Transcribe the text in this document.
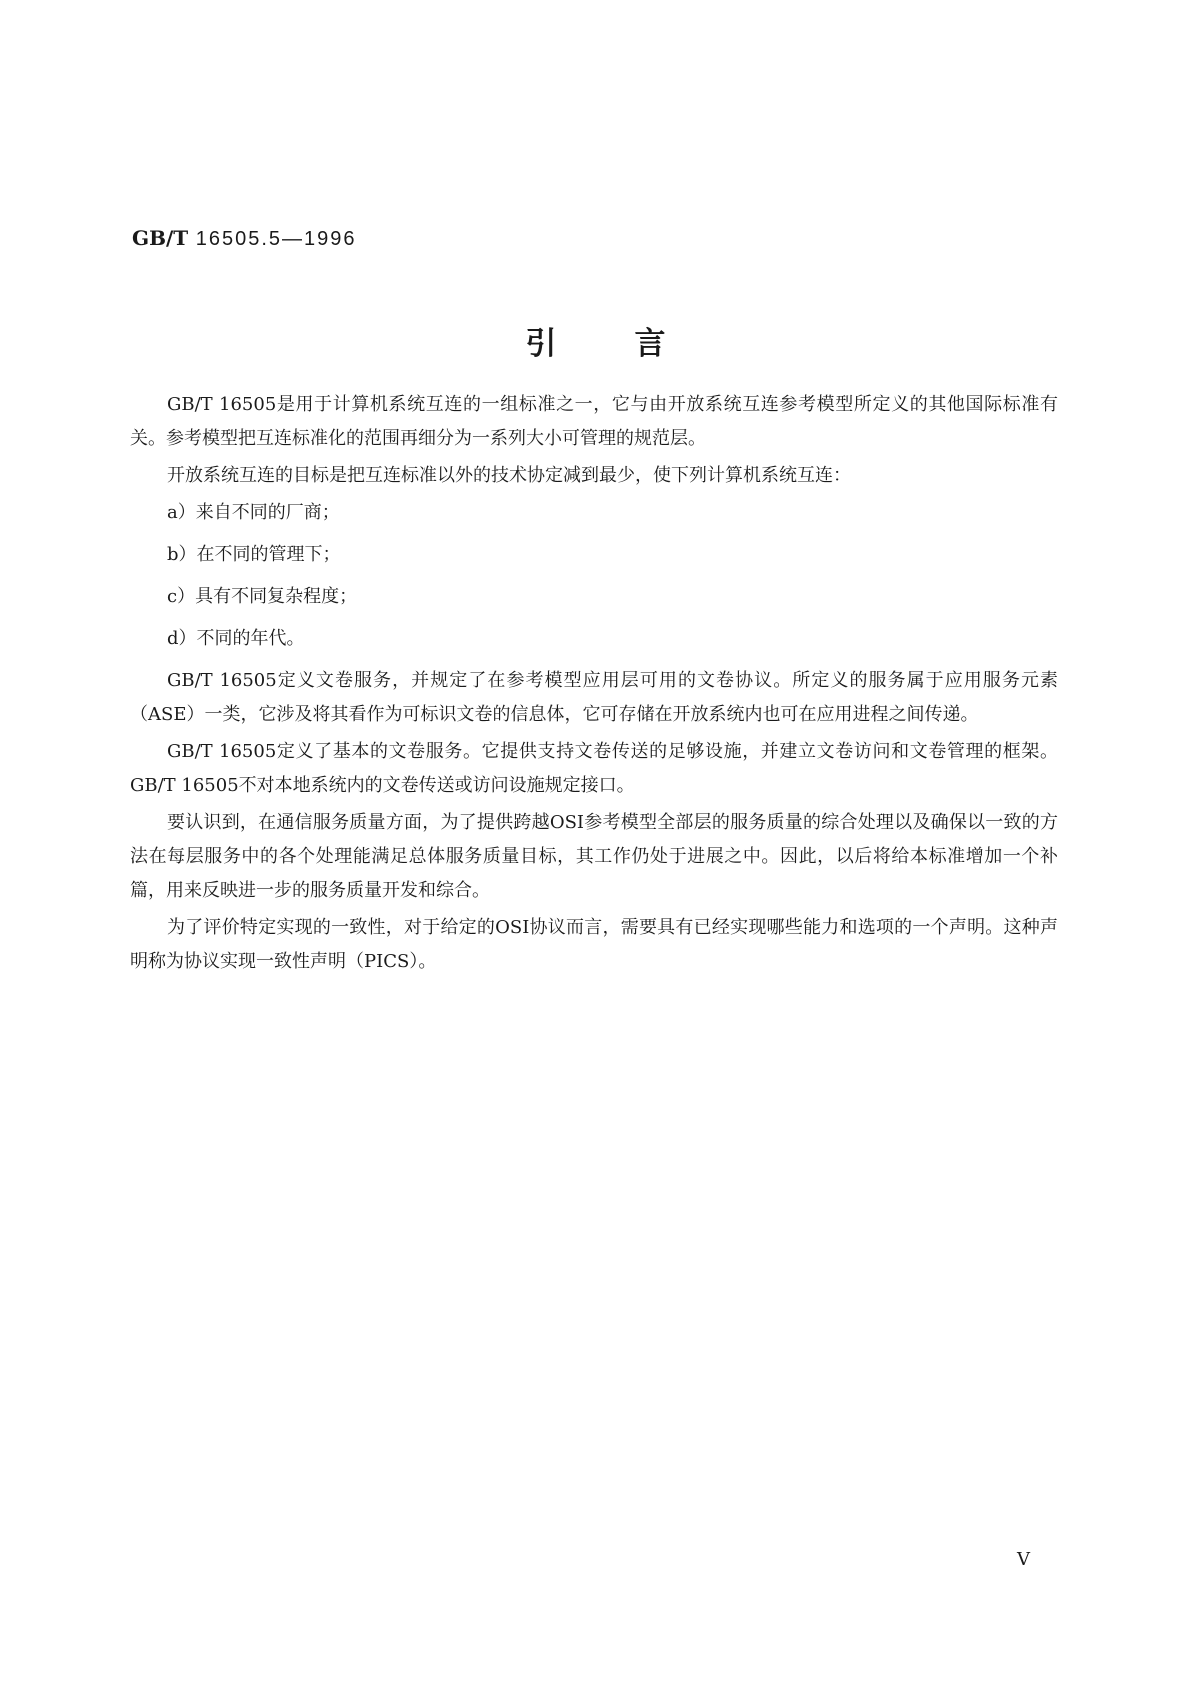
GB/T 16505.5—1996
引言

GB/T 16505是用于计算机系统互连的一组标准之一，它与由开放系统互连参考模型所定义的其他国际标准有关。参考模型把互连标准化的范围再细分为一系列大小可管理的规范层。

开放系统互连的目标是把互连标准以外的技术协定减到最少，使下列计算机系统互连：

a）来自不同的厂商；

b）在不同的管理下；

c）具有不同复杂程度；

d）不同的年代。

GB/T 16505定义文卷服务，并规定了在参考模型应用层可用的文卷协议。所定义的服务属于应用服务元素（ASE）一类，它涉及将其看作为可标识文卷的信息体，它可存储在开放系统内也可在应用进程之间传递。

GB/T 16505定义了基本的文卷服务。它提供支持文卷传送的足够设施，并建立文卷访问和文卷管理的框架。GB/T 16505不对本地系统内的文卷传送或访问设施规定接口。

要认识到，在通信服务质量方面，为了提供跨越OSI参考模型全部层的服务质量的综合处理以及确保以一致的方法在每层服务中的各个处理能满足总体服务质量目标，其工作仍处于进展之中。因此，以后将给本标准增加一个补篇，用来反映进一步的服务质量开发和综合。

为了评价特定实现的一致性，对于给定的OSI协议而言，需要具有已经实现哪些能力和选项的一个声明。这种声明称为协议实现一致性声明（PICS）。

V
